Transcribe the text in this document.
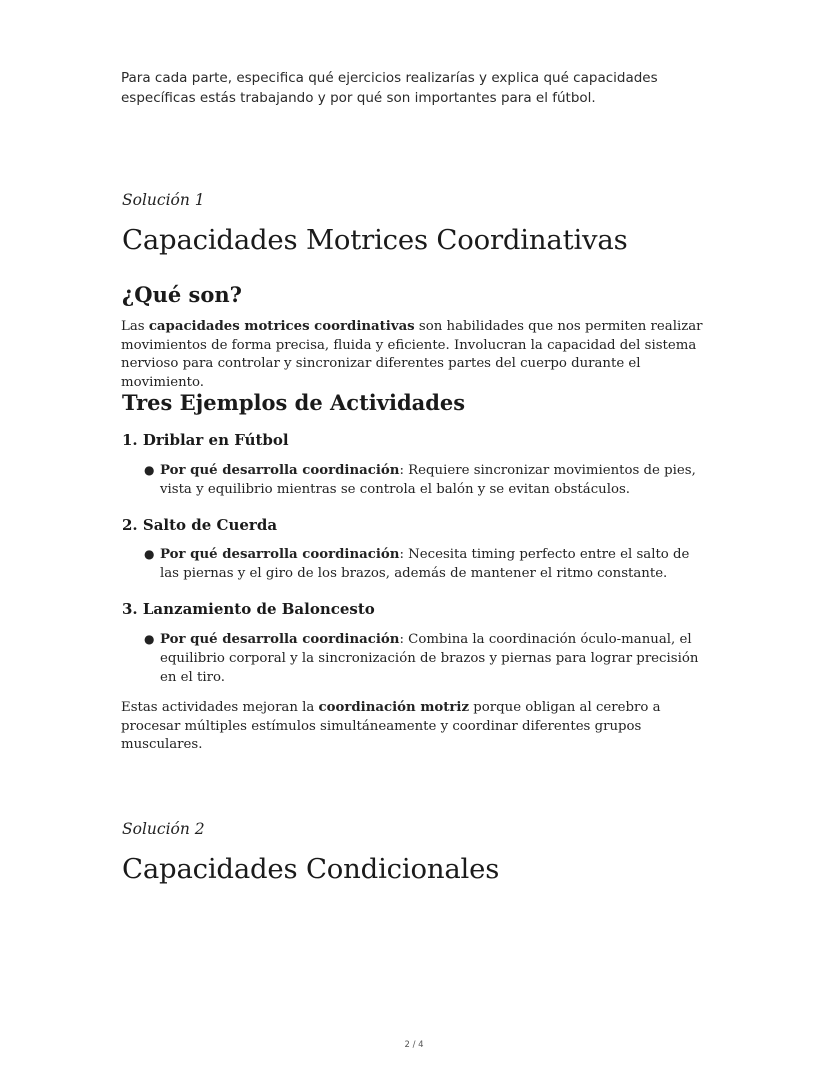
Para cada parte, especifica qué ejercicios realizarías y explica qué capacidades específicas estás trabajando y por qué son importantes para el fútbol.
Solución 1
Capacidades Motrices Coordinativas
¿Qué son?

Las capacidades motrices coordinativas son habilidades que nos permiten realizar movimientos de forma precisa, fluida y eficiente. Involucran la capacidad del sistema nervioso para controlar y sincronizar diferentes partes del cuerpo durante el movimiento.

Tres Ejemplos de Actividades
1. Driblar en Fútbol
● Por qué desarrolla coordinación: Requiere sincronizar movimientos de pies, vista y equilibrio mientras se controla el balón y se evitan obstáculos.
2. Salto de Cuerda
● Por qué desarrolla coordinación: Necesita timing perfecto entre el salto de las piernas y el giro de los brazos, además de mantener el ritmo constante.
3. Lanzamiento de Baloncesto
● Por qué desarrolla coordinación: Combina la coordinación óculo-manual, el equilibrio corporal y la sincronización de brazos y piernas para lograr precisión en el tiro.

Estas actividades mejoran la coordinación motriz porque obligan al cerebro a procesar múltiples estímulos simultáneamente y coordinar diferentes grupos musculares.

Solución 2
Capacidades Condicionales
2 / 4
